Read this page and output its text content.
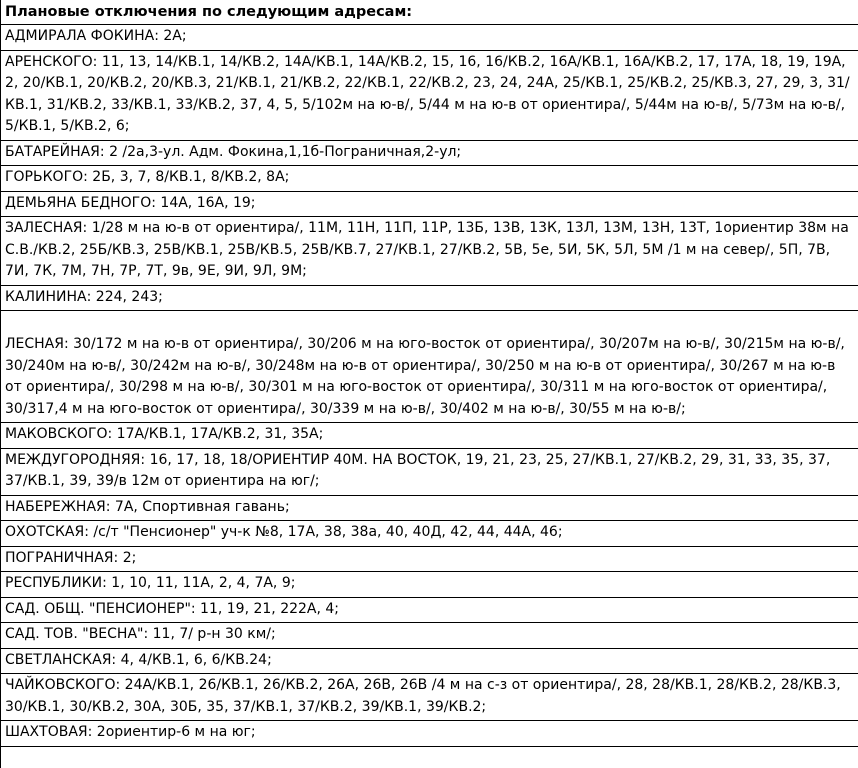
Плановые отключения по следующим адресам:
АДМИРАЛА ФОКИНА: 2А;
АРЕНСКОГО: 11, 13, 14/КВ.1, 14/КВ.2, 14А/КВ.1, 14А/КВ.2, 15, 16, 16/КВ.2, 16А/КВ.1, 16А/КВ.2, 17, 17А, 18, 19, 19А, 2, 20/КВ.1, 20/КВ.2, 20/КВ.3, 21/КВ.1, 21/КВ.2, 22/КВ.1, 22/КВ.2, 23, 24, 24А, 25/КВ.1, 25/КВ.2, 25/КВ.3, 27, 29, 3, 31/КВ.1, 31/КВ.2, 33/КВ.1, 33/КВ.2, 37, 4, 5, 5/102м на ю-в/, 5/44 м на ю-в от ориентира/, 5/44м на ю-в/, 5/73м на ю-в/, 5/КВ.1, 5/КВ.2, 6;
БАТАРЕЙНАЯ: 2 /2а,3-ул. Адм. Фокина,1,1б-Пограничная,2-ул;
ГОРЬКОГО: 2Б, 3, 7, 8/КВ.1, 8/КВ.2, 8А;
ДЕМЬЯНА БЕДНОГО: 14А, 16А, 19;
ЗАЛЕСНАЯ: 1/28 м на ю-в от ориентира/, 11М, 11Н, 11П, 11Р, 13Б, 13В, 13К, 13Л, 13М, 13Н, 13Т, 1ориентир 38м на С.В./КВ.2, 25Б/КВ.3, 25В/КВ.1, 25В/КВ.5, 25В/КВ.7, 27/КВ.1, 27/КВ.2, 5В, 5е, 5И, 5К, 5Л, 5М /1 м на север/, 5П, 7В, 7И, 7К, 7М, 7Н, 7Р, 7Т, 9в, 9Е, 9И, 9Л, 9М;
КАЛИНИНА: 224, 243;
ЛЕСНАЯ: 30/172 м на ю-в от ориентира/, 30/206 м на юго-восток от ориентира/, 30/207м на ю-в/, 30/215м на ю-в/, 30/240м на ю-в/, 30/242м на ю-в/, 30/248м на ю-в от ориентира/, 30/250 м на ю-в от ориентира/, 30/267 м на ю-в от ориентира/, 30/298 м на ю-в/, 30/301 м на юго-восток от ориентира/, 30/311 м на юго-восток от ориентира/, 30/317,4 м на юго-восток от ориентира/, 30/339 м на ю-в/, 30/402 м на ю-в/, 30/55 м на ю-в/;
МАКОВСКОГО: 17А/КВ.1, 17А/КВ.2, 31, 35А;
МЕЖДУГОРОДНЯЯ: 16, 17, 18, 18/ОРИЕНТИР 40М. НА ВОСТОК, 19, 21, 23, 25, 27/КВ.1, 27/КВ.2, 29, 31, 33, 35, 37, 37/КВ.1, 39, 39/в 12м от ориентира на юг/;
НАБЕРЕЖНАЯ: 7А, Спортивная гавань;
ОХОТСКАЯ: /с/т "Пенсионер" уч-к №8, 17А, 38, 38а, 40, 40Д, 42, 44, 44А, 46;
ПОГРАНИЧНАЯ: 2;
РЕСПУБЛИКИ: 1, 10, 11, 11А, 2, 4, 7А, 9;
САД. ОБЩ. "ПЕНСИОНЕР": 11, 19, 21, 222А, 4;
САД. ТОВ. "ВЕСНА": 11, 7/ р-н 30 км/;
СВЕТЛАНСКАЯ: 4, 4/КВ.1, 6, 6/КВ.24;
ЧАЙКОВСКОГО: 24А/КВ.1, 26/КВ.1, 26/КВ.2, 26А, 26В, 26В /4 м на с-з от ориентира/, 28, 28/КВ.1, 28/КВ.2, 28/КВ.3, 30/КВ.1, 30/КВ.2, 30А, 30Б, 35, 37/КВ.1, 37/КВ.2, 39/КВ.1, 39/КВ.2;
ШАХТОВАЯ: 2ориентир-6 м на юг;
